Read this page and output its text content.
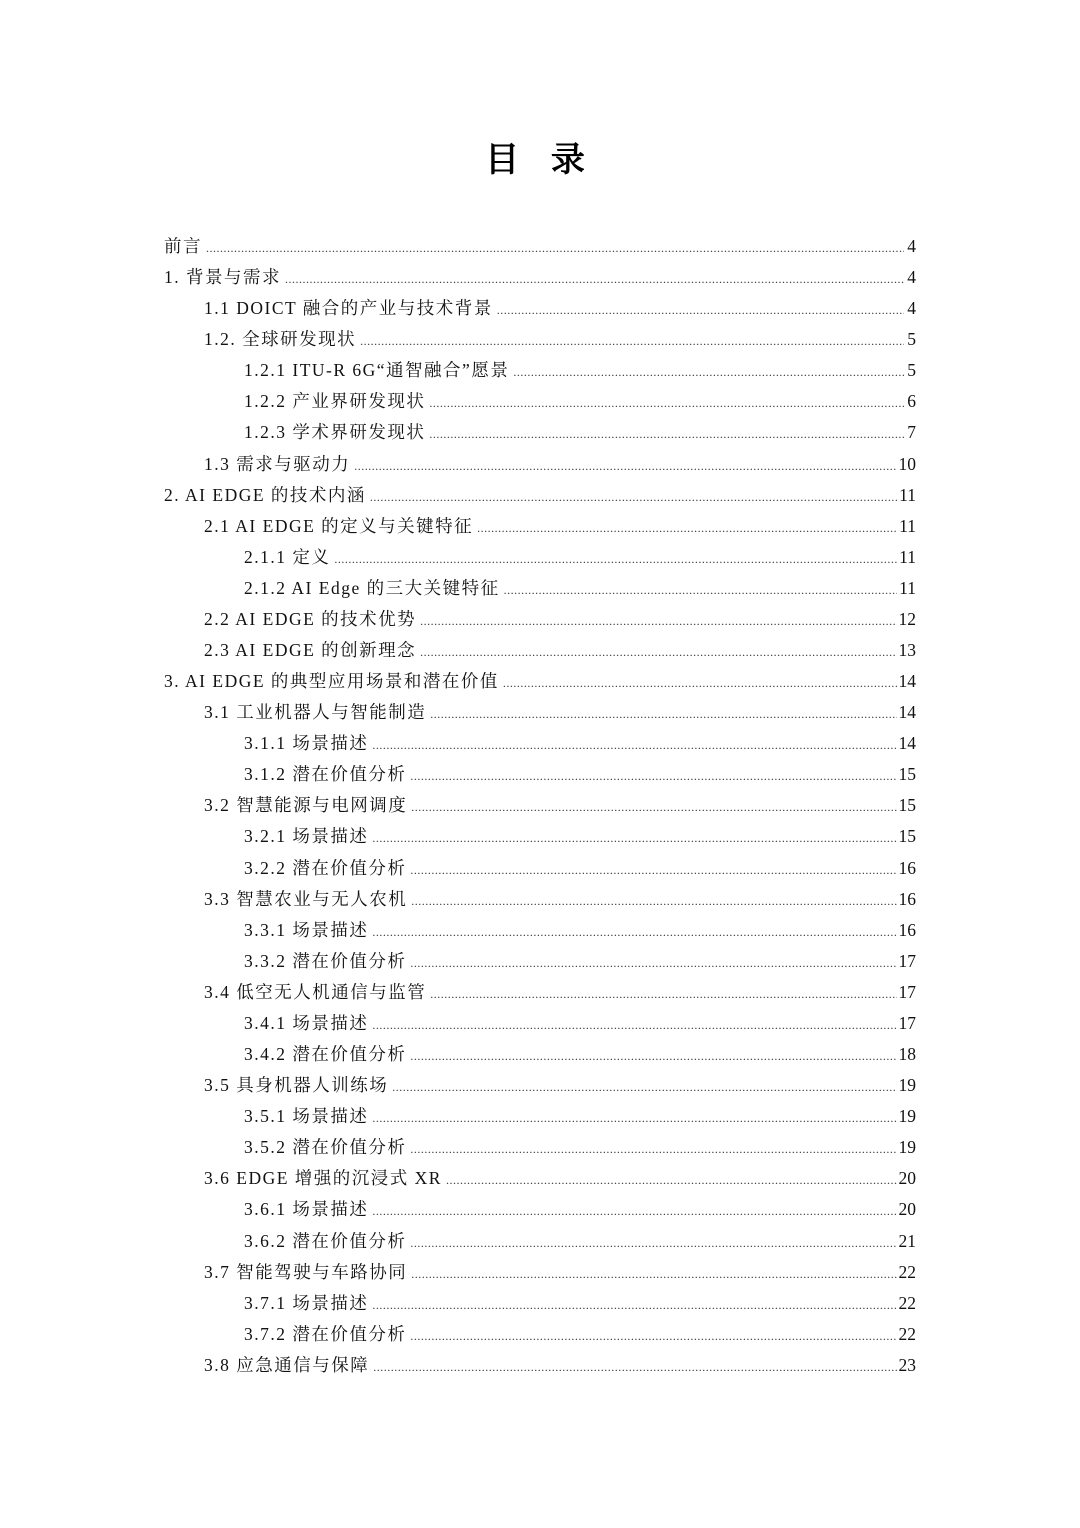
目 录
前言 .....	4
1. 背景与需求 .....	4
1.1 DOICT 融合的产业与技术背景 .....	4
1.2. 全球研发现状 .....	5
1.2.1 ITU-R 6G“通智融合”愿景 .....	5
1.2.2 产业界研发现状 .....	6
1.2.3 学术界研发现状 .....	7
1.3 需求与驱动力 .....	10
2. AI EDGE 的技术内涵 .....	11
2.1 AI EDGE 的定义与关键特征 .....	11
2.1.1 定义 .....	11
2.1.2 AI Edge 的三大关键特征 .....	11
2.2 AI EDGE 的技术优势 .....	12
2.3 AI EDGE 的创新理念 .....	13
3. AI EDGE 的典型应用场景和潜在价值 .....	14
3.1 工业机器人与智能制造 .....	14
3.1.1 场景描述 .....	14
3.1.2 潜在价值分析 .....	15
3.2 智慧能源与电网调度 .....	15
3.2.1 场景描述 .....	15
3.2.2 潜在价值分析 .....	16
3.3 智慧农业与无人农机 .....	16
3.3.1 场景描述 .....	16
3.3.2 潜在价值分析 .....	17
3.4 低空无人机通信与监管 .....	17
3.4.1 场景描述 .....	17
3.4.2 潜在价值分析 .....	18
3.5 具身机器人训练场 .....	19
3.5.1 场景描述 .....	19
3.5.2 潜在价值分析 .....	19
3.6 EDGE 增强的沉浸式 XR .....	20
3.6.1 场景描述 .....	20
3.6.2 潜在价值分析 .....	21
3.7 智能驾驶与车路协同 .....	22
3.7.1 场景描述 .....	22
3.7.2 潜在价值分析 .....	22
3.8 应急通信与保障 .....	23
